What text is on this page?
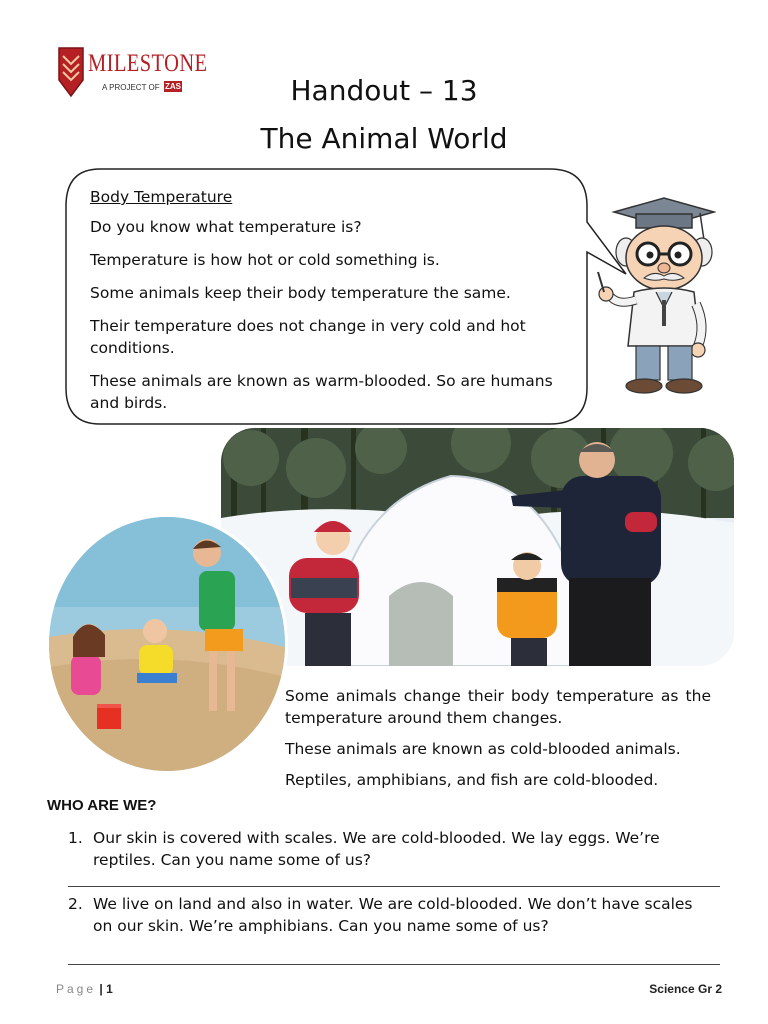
MILESTONE
A PROJECT OF ZAS	Handout – 13
The Animal World

Body Temperature

Do you know what temperature is?

Temperature is how hot or cold something is.

Some animals keep their body temperature the same.

Their temperature does not change in very cold and hot conditions.

These animals are known as warm-blooded. So are humans and birds.

Some animals change their body temperature as the temperature around them changes.

These animals are known as cold-blooded animals.

Reptiles, amphibians, and fish are cold-blooded.

WHO ARE WE?
1. Our skin is covered with scales. We are cold-blooded. We lay eggs. We’re reptiles. Can you name some of us?
2. We live on land and also in water. We are cold-blooded. We don’t have scales on our skin. We’re amphibians. Can you name some of us?
Page | 1	Science Gr 2
